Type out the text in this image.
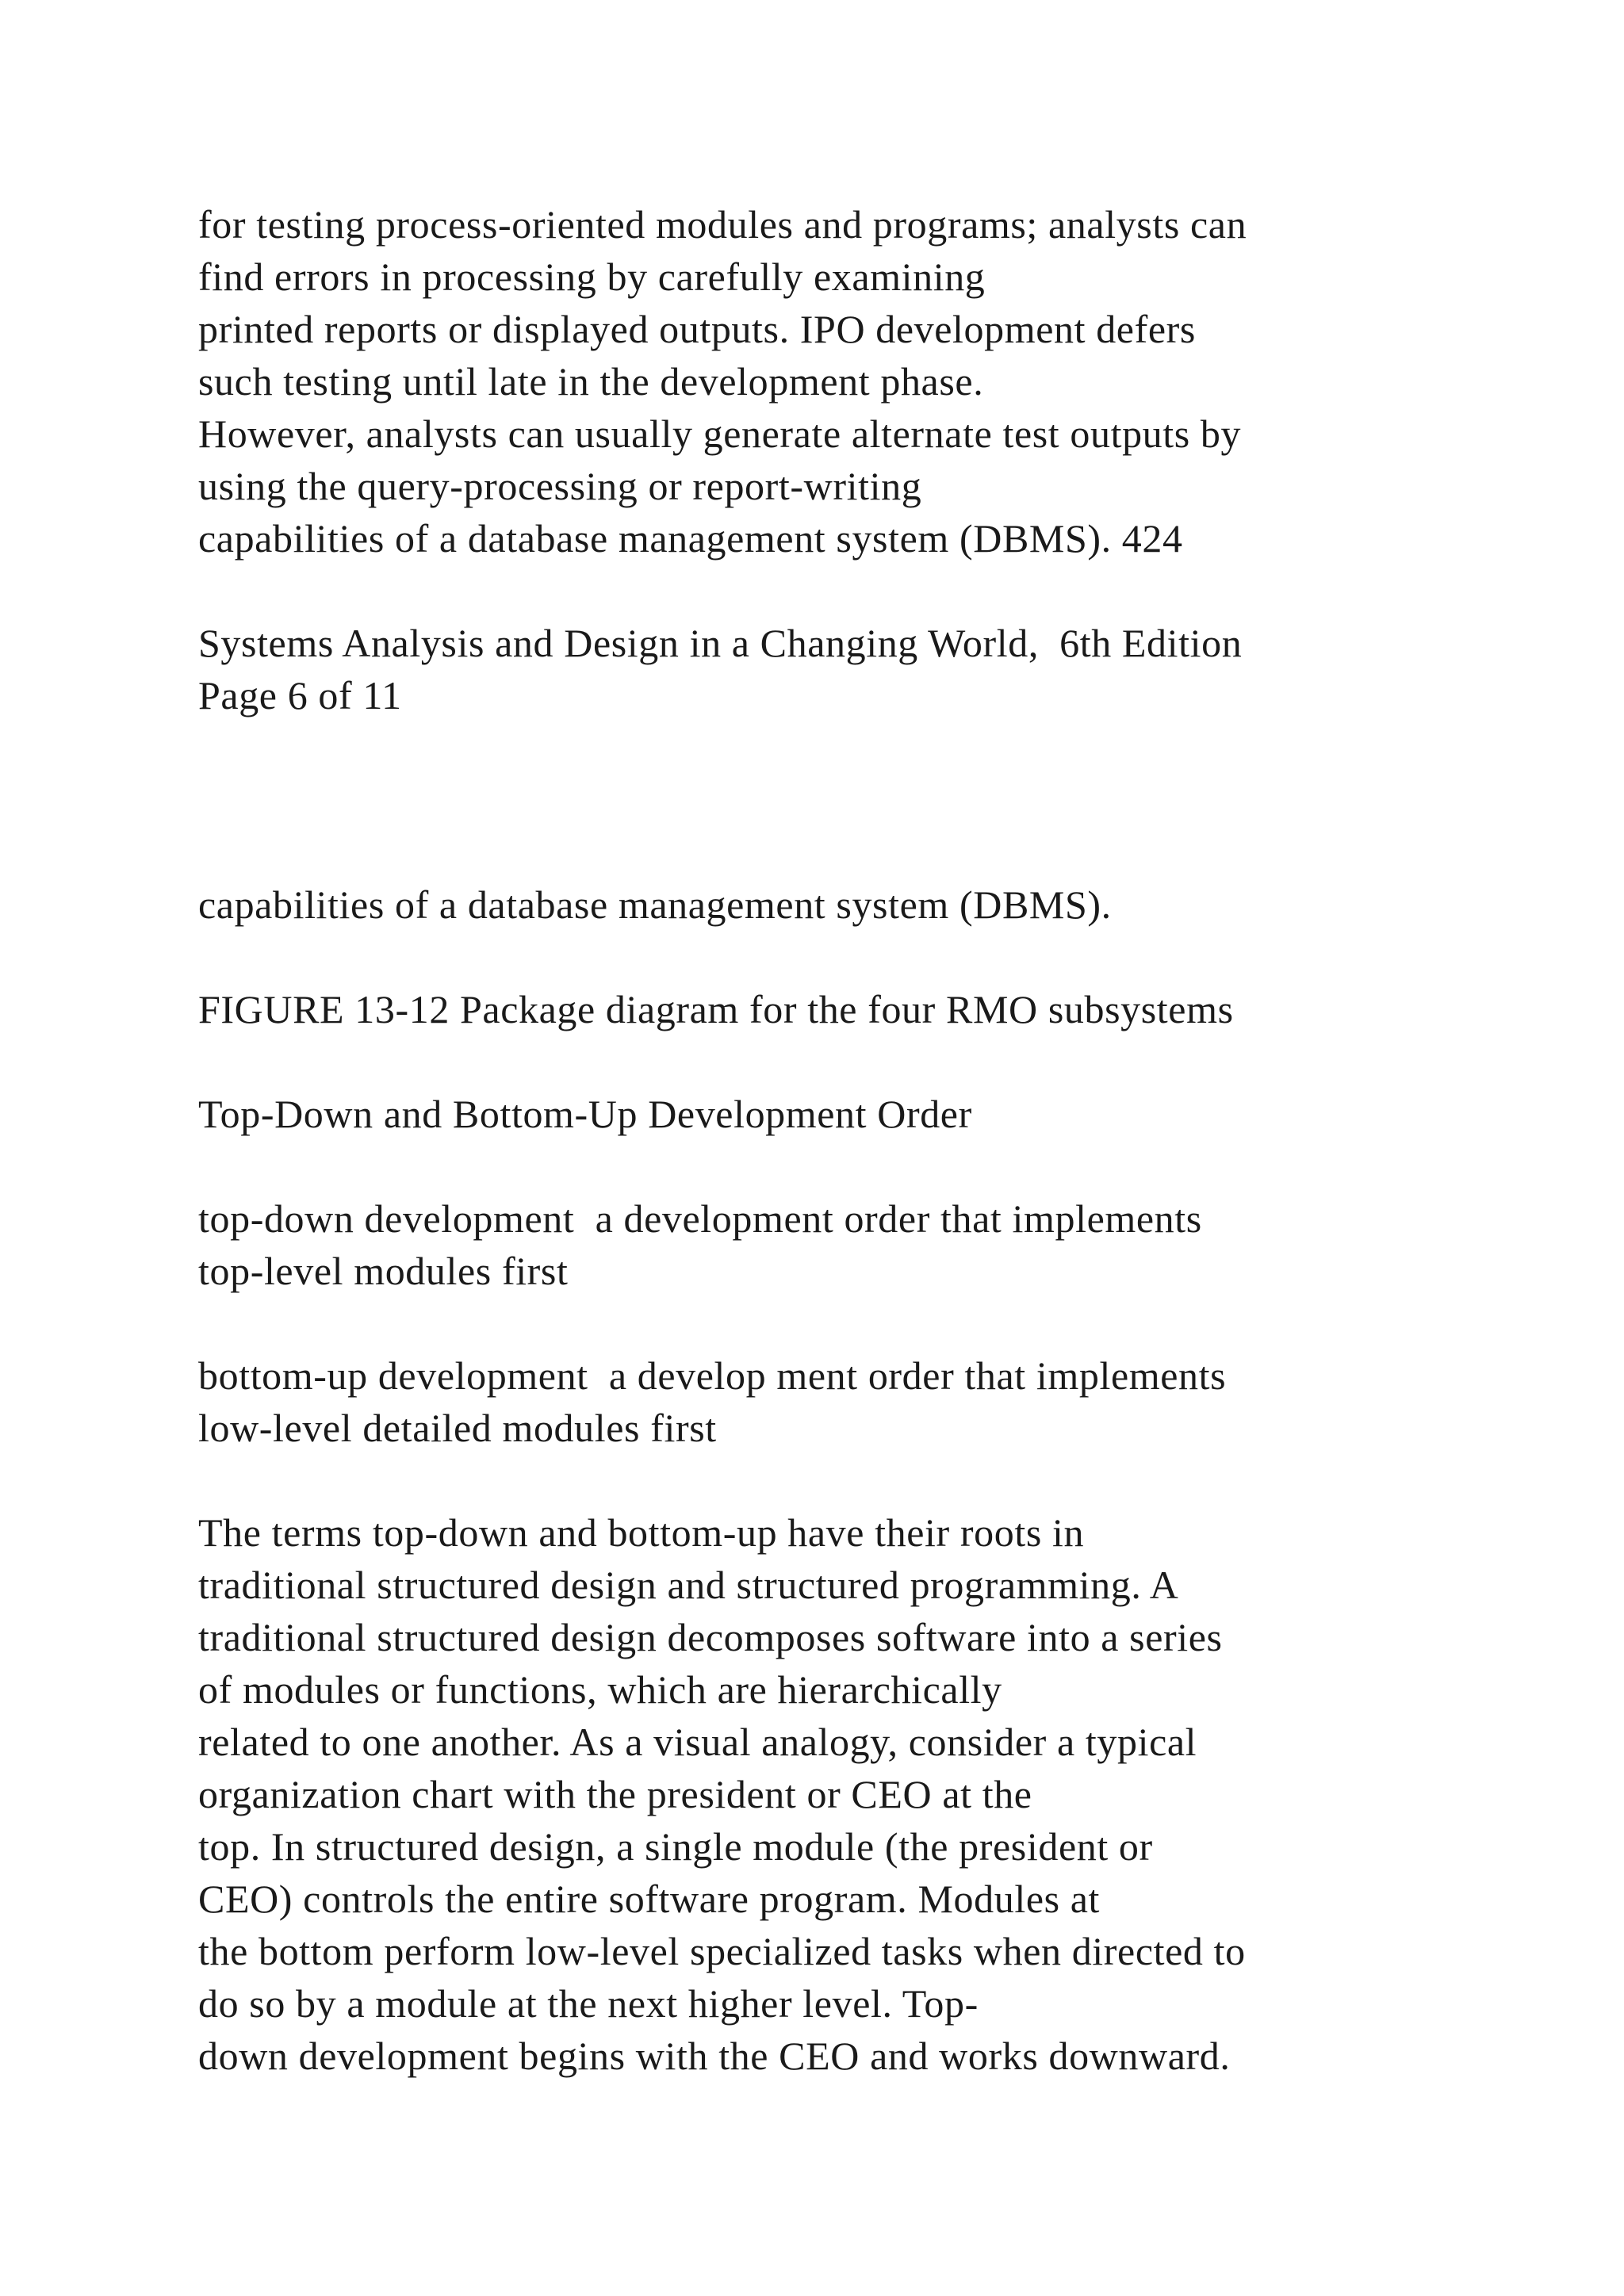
for testing process-oriented modules and programs; analysts can

find errors in processing by carefully examining

printed reports or displayed outputs. IPO development defers

such testing until late in the development phase.

However, analysts can usually generate alternate test outputs by

using the query-processing or report-writing

capabilities of a database management system (DBMS). 424

Systems Analysis and Design in a Changing World,  6th Edition

Page 6 of 11

capabilities of a database management system (DBMS).

FIGURE 13-12 Package diagram for the four RMO subsystems

Top-Down and Bottom-Up Development Order

top-down development  a development order that implements

top-level modules first

bottom-up development  a develop ment order that implements

low-level detailed modules first

The terms top-down and bottom-up have their roots in

traditional structured design and structured programming. A

traditional structured design decomposes software into a series

of modules or functions, which are hierarchically

related to one another. As a visual analogy, consider a typical

organization chart with the president or CEO at the

top. In structured design, a single module (the president or

CEO) controls the entire software program. Modules at

the bottom perform low-level specialized tasks when directed to

do so by a module at the next higher level. Top-

down development begins with the CEO and works downward.
